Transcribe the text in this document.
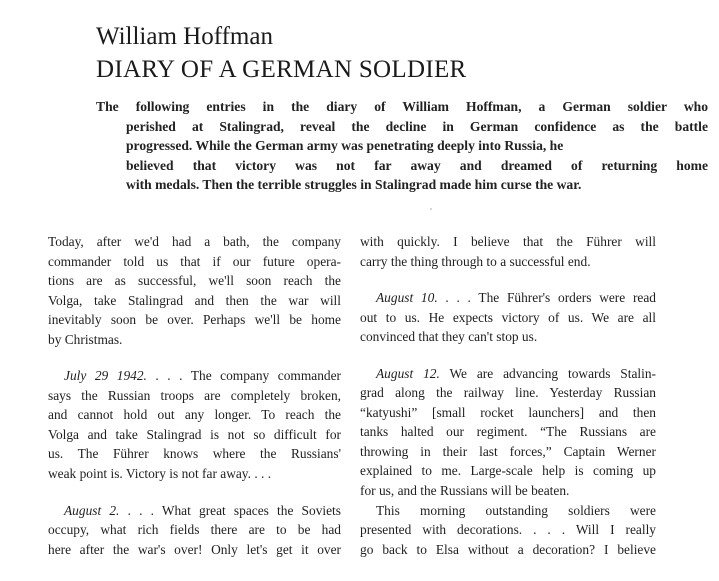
William Hoffman
DIARY OF A GERMAN SOLDIER
The following entries in the diary of William Hoffman, a German soldier who
perished at Stalingrad, reveal the decline in German confidence as the battle
progressed. While the German army was penetrating deeply into Russia, he
believed that victory was not far away and dreamed of returning home
with medals. Then the terrible struggles in Stalingrad made him curse the war.
Today, after we'd had a bath, the company
commander told us that if our future opera-
tions are as successful, we'll soon reach the
Volga, take Stalingrad and then the war will
inevitably soon be over. Perhaps we'll be home
by Christmas.
July 29 1942. . . . The company commander
says the Russian troops are completely broken,
and cannot hold out any longer. To reach the
Volga and take Stalingrad is not so difficult for
us. The Führer knows where the Russians'
weak point is. Victory is not far away. . . .
August 2. . . . What great spaces the Soviets
occupy, what rich fields there are to be had
here after the war's over! Only let's get it over
with quickly. I believe that the Führer will
carry the thing through to a successful end.
August 10. . . . The Führer's orders were read
out to us. He expects victory of us. We are all
convinced that they can't stop us.
August 12. We are advancing towards Stalin-
grad along the railway line. Yesterday Russian
“katyushi” [small rocket launchers] and then
tanks halted our regiment. “The Russians are
throwing in their last forces,” Captain Werner
explained to me. Large-scale help is coming up
for us, and the Russians will be beaten.
This morning outstanding soldiers were
presented with decorations. . . . Will I really
go back to Elsa without a decoration? I believe
